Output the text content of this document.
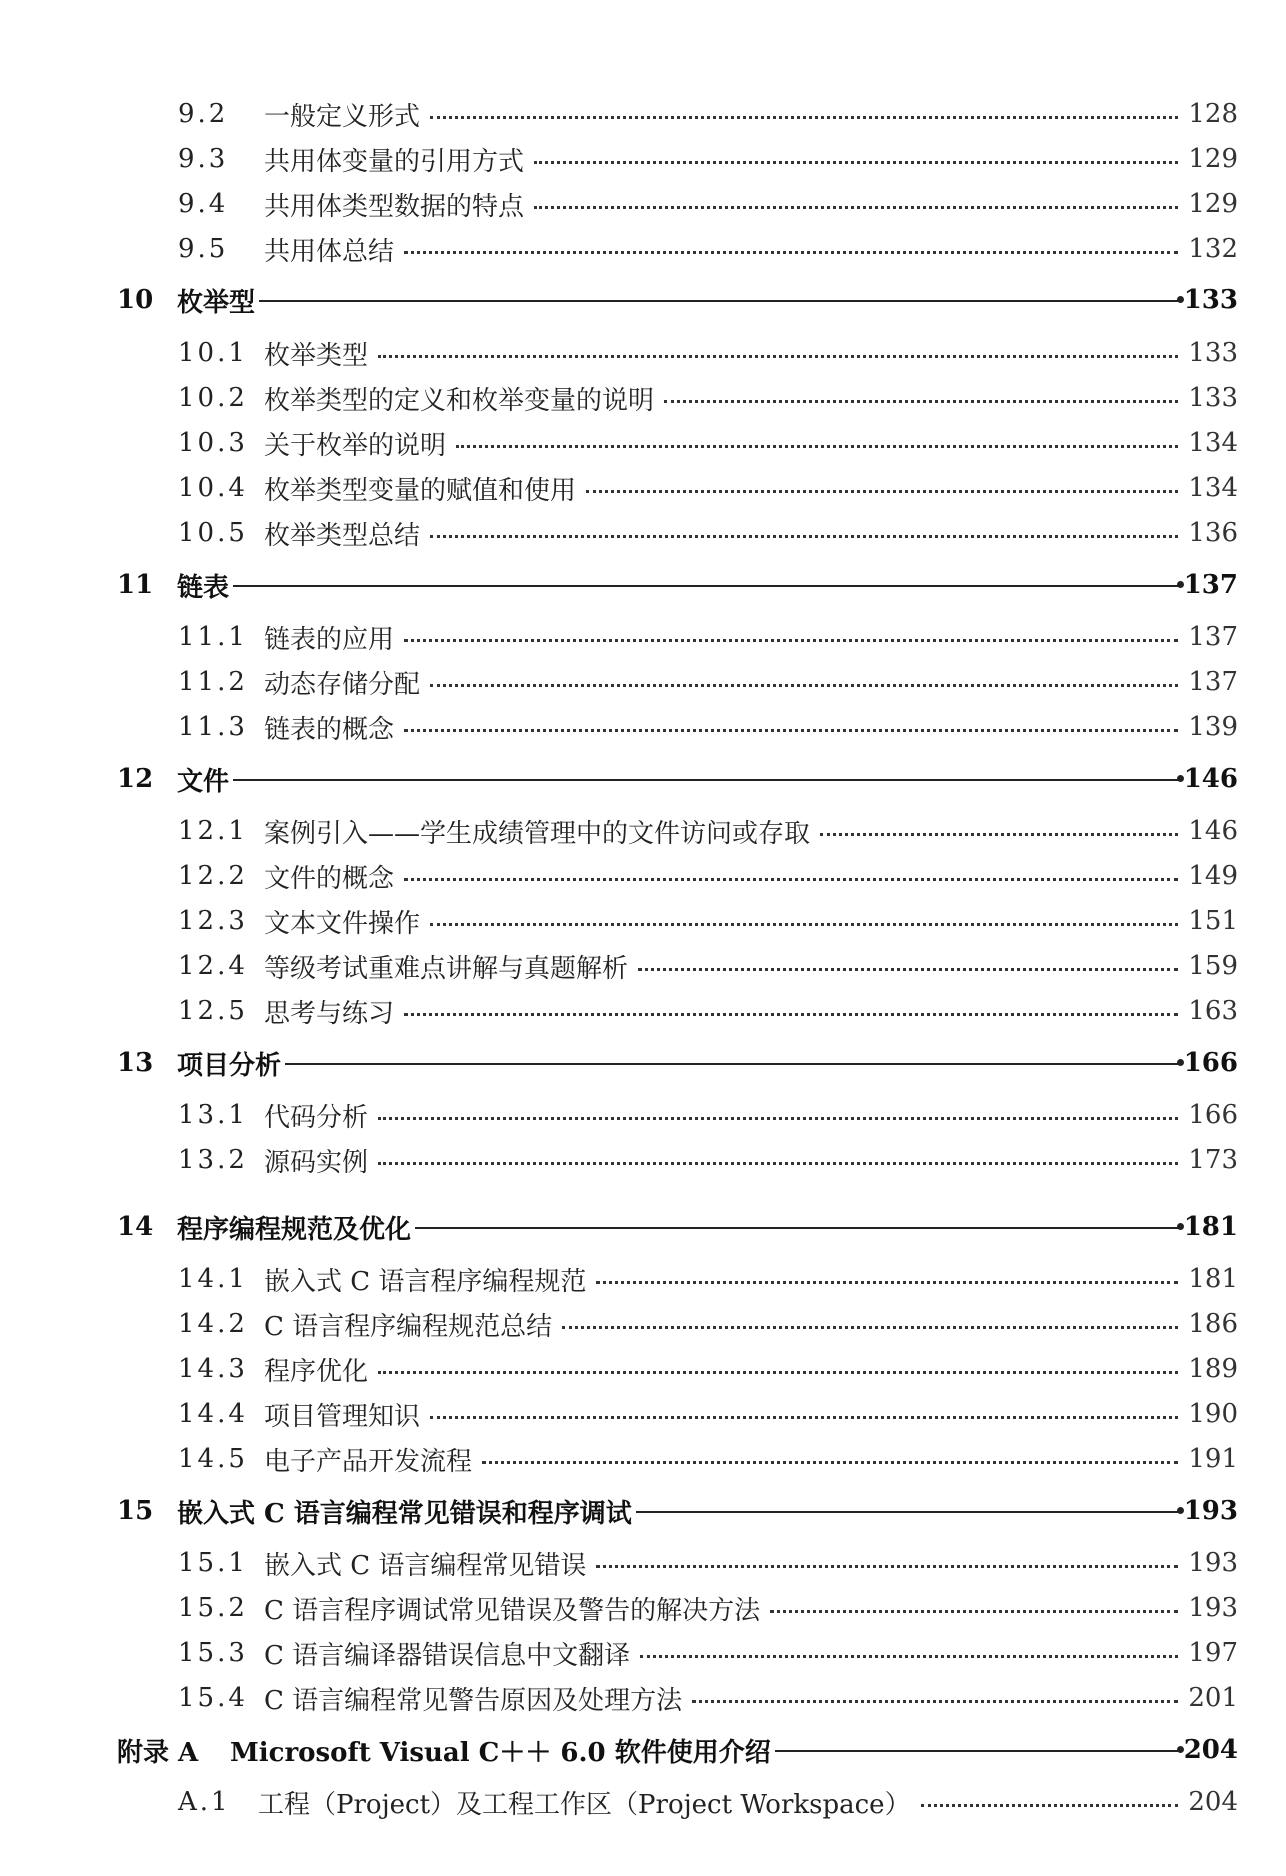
9.2	一般定义形式	128
9.3	共用体变量的引用方式	129
9.4	共用体类型数据的特点	129
9.5	共用体总结	132
10 枚举型	133
10.1 枚举类型	133
10.2 枚举类型的定义和枚举变量的说明	133
10.3 关于枚举的说明	134
10.4 枚举类型变量的赋值和使用	134
10.5 枚举类型总结	136
11 链表	137
11.1 链表的应用	137
11.2 动态存储分配	137
11.3 链表的概念	139
12 文件	146
12.1 案例引入——学生成绩管理中的文件访问或存取	146
12.2 文件的概念	149
12.3 文本文件操作	151
12.4 等级考试重难点讲解与真题解析	159
12.5 思考与练习	163
13 项目分析	166
13.1 代码分析	166
13.2 源码实例	173
14 程序编程规范及优化	181
14.1 嵌入式 C 语言程序编程规范	181
14.2 C 语言程序编程规范总结	186
14.3 程序优化	189
14.4 项目管理知识	190
14.5 电子产品开发流程	191
15 嵌入式 C 语言编程常见错误和程序调试	193
15.1 嵌入式 C 语言编程常见错误	193
15.2 C 语言程序调试常见错误及警告的解决方法	193
15.3 C 语言编译器错误信息中文翻译	197
15.4 C 语言编程常见警告原因及处理方法	201
附录 A	Microsoft Visual C＋＋ 6.0 软件使用介绍	204
A.1	工程（Project）及工程工作区（Project Workspace）	204
